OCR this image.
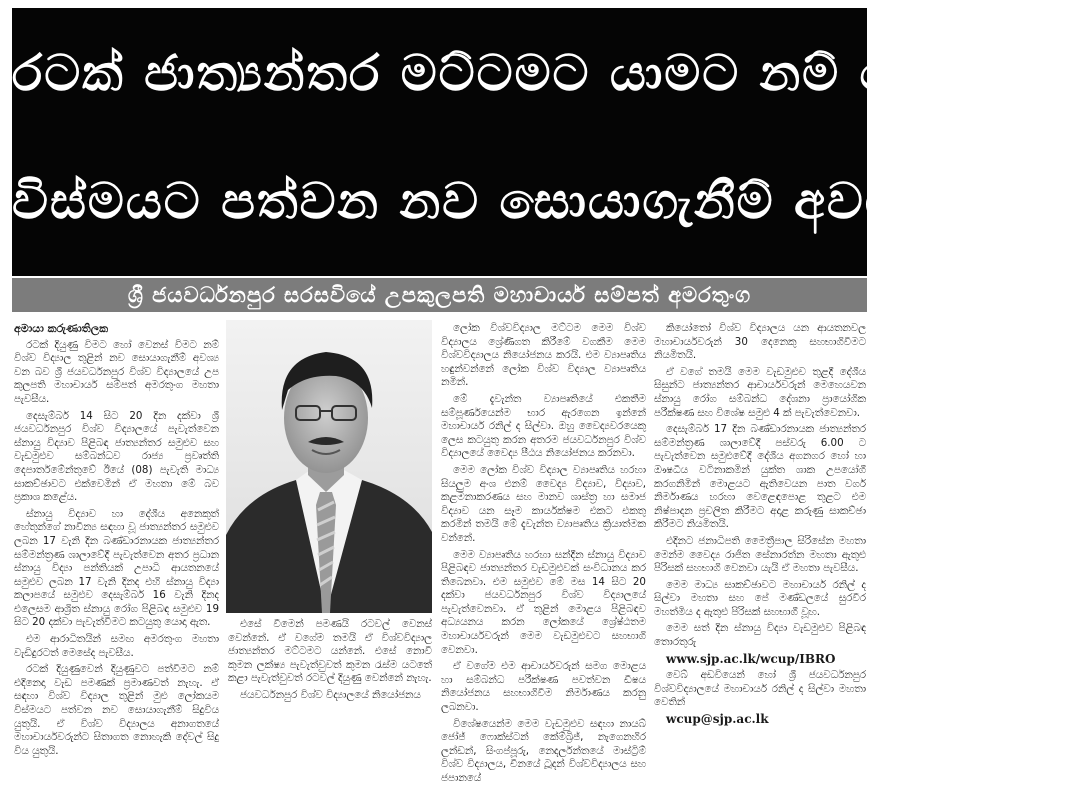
රටක් ජාත්‍යන්තර මට්ටමට යාමට නම් ලෝකයම
විස්මයට පත්වන නව සොයාගැනීම් අවශ්‍යයි
ශ්‍රී ජයවර්ධනපුර සරසවියේ උපකුලපති මහාචාර්ය සම්පත් අමරතුංග

අමායා කරුණාතිලක

රටක් දියුණු විමට හෝ වෙනස් විමට නම් විශ්ව විද්‍යාල තුළින් නව සොයාගැනීම් අවශ්‍ය වන බව ශ්‍රී ජයවර්ධනපුර විශ්ව විද්‍යාලයේ උප කුලපති මහාචාර්ය සම්පත් අමරතුංග මහතා පැවසීය.

දෙසැම්බර් 14 සිට 20 දින දක්වා ශ්‍රී ජයවර්ධනපුර විශ්ව විද්‍යාලයේ පැවැත්වෙන ස්නායු විද්‍යාව පිළිබඳ ජාත්‍යන්තර සමුළුව සහ වැඩමුළුව සම්බන්ධව රාජ්‍ය ප්‍රවෘත්ති දෙපාර්තමේන්තුවේ ඊයේ (08) පැවැති මාධ්‍ය සාකච්ඡාවට එක්වෙමින් ඒ මහතා මේ බව ප්‍රකාශ කළේය.

ස්නායු විද්‍යාව හා දේශීය අනෙකුත් හේතුන්ගේ නාවීන්‍ය සඳහා වූ ජාත්‍යන්තර සමුළුව ලබන 17 වැනි දින බණ්ඩාරනායක ජාත්‍යන්තර සම්මන්ත්‍රණ ශාලාවේදී පැවැත්වෙන අතර ප්‍රධාන ස්නායු විද්‍යා පන්තියක් උපාධි ආයතනයේ සමුළුව ලබන 17 වැනි දිනද එහි ස්නායු විද්‍යා කලාපයේ සමුළුව දෙසැම්බර් 16 වැනි දිනද එලෙසම ආශ්‍රිත ස්නායු රෝග පිළිබඳ සමුළුව 19 සිට 20 දක්වා පැවැත්වීමට කටයුතු යොදා ඇත.

එම ආරාධිතයින් සමඟ අමරතුංග මහතා වැඩිදුරටත් මෙසේද පැවසීය.

රටක් දියුණුවෙන් දියුණුවට පත්වීමට නම් එදිනෙදා වැඩ පමණක් ප්‍රමාණවත් නැහැ. ඒ සඳහා විශ්ව විද්‍යාල තුළින් මුළු ලෝකයම විස්මයට පත්වන නව සොයාගැනීම් සිදුවිය යුතුයි. ඒ විශ්ව විද්‍යාලය අනාගතයේ මහාචාර්යවරුන්ට සිතාගත නොහැකි දේවල් සිදු විය යුතුයි.

එසේ වීමෙන් පමණයි රටවල් වෙනස් වෙන්නේ. ඒ වගේම තමයි ඒ විශ්වවිද්‍යාල ජාත්‍යන්තර මට්ටමට යන්නේ. එසේ නොවී කුමන ලක්ෂ්‍ය පැවැත්වුවත් කුමන රැස්ම යටතේ කළා පැවැත්වුවත් රටවල් දියුණු වෙන්නේ නැහැ.

ජයවර්ධනපුර විශ්ව විද්‍යාලයේ නියෝජනය

ලෝක විශ්වවිද්‍යාල මට්ටම මෙම විශ්ව විද්‍යාලය ශ්‍රේණිගත කිරීමේ වගකීම මෙම විශ්වවිද්‍යාලය නියෝජනය කරයි. එම ව්‍යාපෘතිය හඳුන්වන්නේ ලෝක විශ්ව විද්‍යාල ව්‍යාපෘතිය නමින්.

මේ දැවැන්ත ව්‍යාපෘතියේ එකතීම සම්පූර්ණයෙන්ම භාර ඇරගෙන ඉන්නේ මහාචාර්ය රනිල් ද සිල්වා. ඔහු වෛද්‍යවරයෙකු ලෙස කටයුතු කරන අතරම ජයවර්ධනපුර විශ්ව විද්‍යාලයේ වෛද්‍ය පීඨය නියෝජනය කරනවා.

මෙම ලෝක විශ්ව විද්‍යාල ව්‍යාපෘතිය හරහා සියලුම අංශ එනම් වෛද්‍ය විද්‍යාව, විද්‍යාව, කළමනාකරණය සහ මානව ශාස්ත්‍ර හා සමාජ විද්‍යාව යන සෑම කාර්යක්ෂම එකට එකතු කරමින් තමයි මේ දැවැන්ත ව්‍යාපෘතිය ක්‍රියාත්මක වන්නේ.

මෙම ව්‍යාපෘතිය හරහා සන්දීන ස්නායු විද්‍යාව පිළිබඳව ජාත්‍යන්තර වැඩමුළුවක් සංවිධානය කර තිබෙනවා. එම සමුළුව මේ මස 14 සිට 20 දක්වා ජයවර්ධනපුර විශ්ව විද්‍යාලයේ පැවැත්වෙනවා. ඒ තුළින් මොළය පිළිබඳව අධ්‍යයනය කරන ලෝකයේ ශ්‍රේෂ්ඨතම මහාචාර්යවරුන් මෙම වැඩමුළුවට සහභාගි වෙනවා.

ඒ වගේම එම ආචාර්යවරුන් සමග මොළය හා සම්බන්ධ පරීක්ෂණ පවත්වන ඩීෂය නියෝජනය සහභාගිවීම නිර්මාණය කරනු ලබනවා.

විශේෂයෙන්ම මෙම වැඩමුළුව සඳහා නායබ් ජෝජ් ෆොක්ස්ටන් කේම්බ්‍රිජ්, නැගෙනහිර ලන්ඩන්, සිංගප්පූරු, නෙදර්ලන්තයේ මාස්ට්‍රිම් විශ්ව විද්‍යාලය, චීනයේ ටූදන් විශ්වවිද්‍යාලය සහ ජපානයේ

කියෝතෝ විශ්ව විද්‍යාලය යන ආයතනවල මහාචාර්යවරුන් 30 දෙනෙකු සහභාගිවීමට නියමිතයි.

ඒ වගේ තමයි මෙම වැඩමුළුව තුළදී දේශීය සිසුන්ට ජාත්‍යන්තර ආචාර්යවරුන් මෙහෙයවන ස්නායු රෝග සම්බන්ධ දේශනා ප්‍රායෝගික පරීක්ෂණ සහ විශේෂ සමුළු 4 ක් පැවැත්වෙනවා.

දෙසැම්බර් 17 දින බණ්ඩාරනායක ජාත්‍යන්තර සම්මන්ත්‍රණ ශාලාවේදී පස්වරු 6.00 ට පැවැත්වෙන සමුළුවේදී දේශීය අගනගර හෝ හා ඖෂධීය වටිනාකමින් යුක්ත ශාක උපයෝගී කරගනිමින් මොළයට ඇතිවෙයන පාත වර්ග නිර්මාණය හරහා වෙළෙඳපොළ තුළට එම නිෂ්පාදන ප්‍රචලිත කිරීමට අදාළ කරුණු සාකච්ඡා කිරීමට නියමිතයි.

එදිනට ජනාධිපති මෛත්‍රීපාල සිරිසේන මහතා මෙන්ම වෛද්‍ය රාජිත සේනාරත්න මහතා ඇතුළු පිරිසක් සහභාගි වෙනවා යැයි ඒ මහතා පැවසීය.

මෙම මාධ්‍ය සාකච්ඡාවට මහාචාර්ය රනිල් ද සිල්වා මහතා සහ පේ මණ්ඩලයේ සුරවීර මහත්මිය ද ඇතුළු පිරිසක් සහභාගී වූහ.

මෙම සත් දින ස්නායු විද්‍යා වැඩමුළුව පිළිබඳ තොරතුරු

www.sjp.ac.lk/wcup/IBRO

වෙබ් අඩවියෙන් හෝ ශ්‍රී ජයවර්ධනපුර විශ්වවිද්‍යාලයේ මහාචාර්ය රනිල් ද සිල්වා මහතා වෙතින්

wcup@sjp.ac.lk
